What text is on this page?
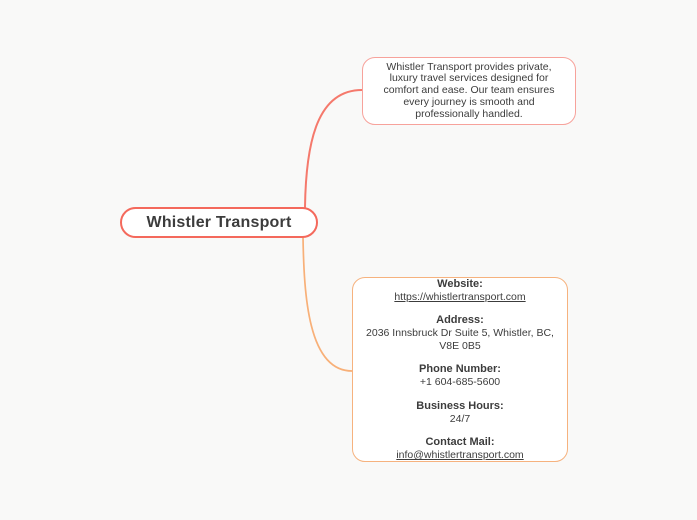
Whistler Transport
Whistler Transport provides private,
luxury travel services designed for
comfort and ease. Our team ensures
every journey is smooth and
professionally handled.
Website:
https://whistlertransport.com
Address:
2036 Innsbruck Dr Suite 5, Whistler, BC,
V8E 0B5
Phone Number:
+1 604-685-5600
Business Hours:
24/7
Contact Mail:
info@whistlertransport.com
